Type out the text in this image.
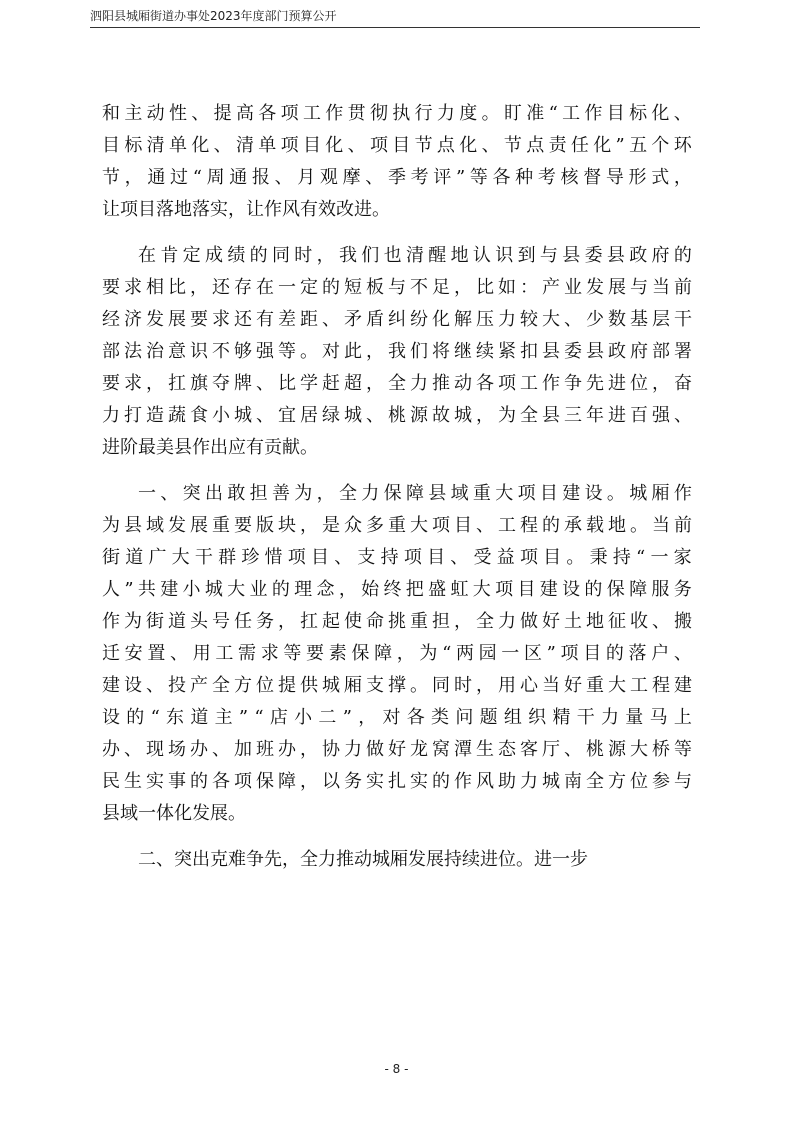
泗阳县城厢街道办事处2023年度部门预算公开
和 主 动 性 、 提 高 各 项 工 作 贯 彻 执 行 力 度 。 盯 准 “ 工 作 目 标 化 、
目 标 清 单 化 、 清 单 项 目 化 、 项 目 节 点 化 、 节 点 责 任 化 ” 五 个 环
节 ， 通 过 “ 周 通 报 、 月 观 摩 、 季 考 评 ” 等 各 种 考 核 督 导 形 式 ，
让项目落地落实，让作风有效改进。
在 肯 定 成 绩 的 同 时 ， 我 们 也 清 醒 地 认 识 到 与 县 委 县 政 府 的
要 求 相 比 ， 还 存 在 一 定 的 短 板 与 不 足 ， 比 如 ： 产 业 发 展 与 当 前
经 济 发 展 要 求 还 有 差 距 、 矛 盾 纠 纷 化 解 压 力 较 大 、 少 数 基 层 干
部 法 治 意 识 不 够 强 等 。 对 此 ， 我 们 将 继 续 紧 扣 县 委 县 政 府 部 署
要 求 ， 扛 旗 夺 牌 、 比 学 赶 超 ， 全 力 推 动 各 项 工 作 争 先 进 位 ， 奋
力 打 造 蔬 食 小 城 、 宜 居 绿 城 、 桃 源 故 城 ， 为 全 县 三 年 进 百 强 、
进阶最美县作出应有贡献。
一 、 突 出 敢 担 善 为 ， 全 力 保 障 县 域 重 大 项 目 建 设 。 城 厢 作
为 县 域 发 展 重 要 版 块 ， 是 众 多 重 大 项 目 、 工 程 的 承 载 地 。 当 前
街 道 广 大 干 群 珍 惜 项 目 、 支 持 项 目 、 受 益 项 目 。 秉 持 “ 一 家
人 ” 共 建 小 城 大 业 的 理 念 ， 始 终 把 盛 虹 大 项 目 建 设 的 保 障 服 务
作 为 街 道 头 号 任 务 ， 扛 起 使 命 挑 重 担 ， 全 力 做 好 土 地 征 收 、 搬
迁 安 置 、 用 工 需 求 等 要 素 保 障 ， 为 “ 两 园 一 区 ” 项 目 的 落 户 、
建 设 、 投 产 全 方 位 提 供 城 厢 支 撑 。 同 时 ， 用 心 当 好 重 大 工 程 建
设 的 “ 东 道 主 ” “ 店 小 二 ” ， 对 各 类 问 题 组 织 精 干 力 量 马 上
办 、 现 场 办 、 加 班 办 ， 协 力 做 好 龙 窝 潭 生 态 客 厅 、 桃 源 大 桥 等
民 生 实 事 的 各 项 保 障 ， 以 务 实 扎 实 的 作 风 助 力 城 南 全 方 位 参 与
县域一体化发展。
二、突出克难争先，全力推动城厢发展持续进位。进一步
- 8 -
